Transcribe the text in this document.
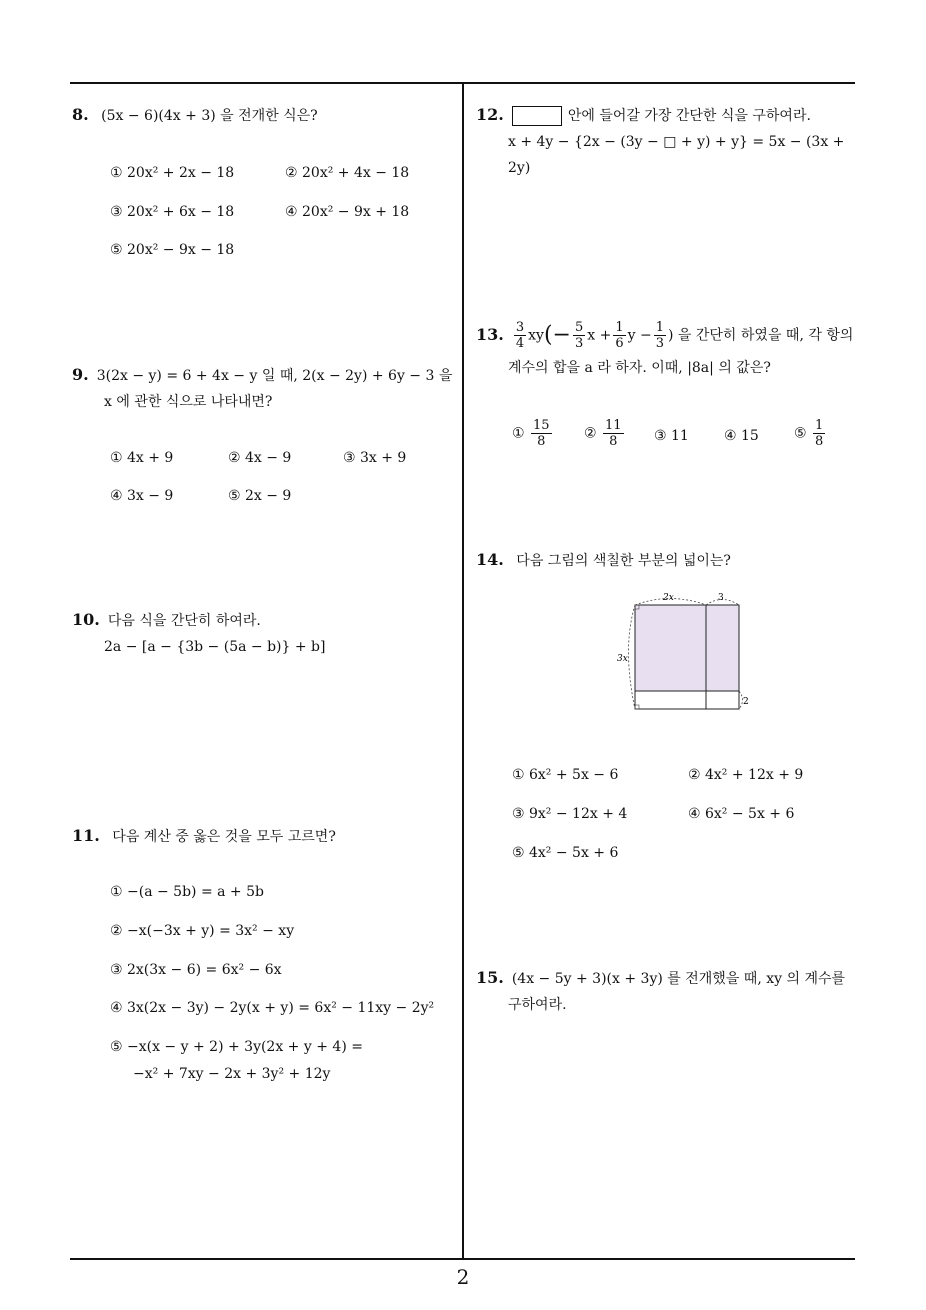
8. (5x − 6)(4x + 3) 을 전개한 식은?
① 20x² + 2x − 18	② 20x² + 4x − 18
③ 20x² + 6x − 18	④ 20x² − 9x + 18
⑤ 20x² − 9x − 18
9. 3(2x − y) = 6 + 4x − y 일 때, 2(x − 2y) + 6y − 3 을
x 에 관한 식으로 나타내면?
① 4x + 9	② 4x − 9	③ 3x + 9
④ 3x − 9	⑤ 2x − 9
10. 다음 식을 간단히 하여라.
2a − [a − {3b − (5a − b)} + b]
11. 다음 계산 중 옳은 것을 모두 고르면?
① −(a − 5b) = a + 5b
② −x(−3x + y) = 3x² − xy
③ 2x(3x − 6) = 6x² − 6x
④ 3x(2x − 3y) − 2y(x + y) = 6x² − 11xy − 2y²
⑤ −x(x − y + 2) + 3y(2x + y + 4) =
−x² + 7xy − 2x + 3y² + 12y
12.	안에 들어갈 가장 간단한 식을 구하여라.
x + 4y − {2x − (3y − □ + y) + y} = 5x − (3x + 2y)
13. $\frac{3}{4} xy(- \frac{5}{3}$ $x + \frac{1}{6}$ $y - \frac{1}{3}$ ) 을 간단히 하였을 때, 각 항의
계수의 합을 a 라 하자. 이때, |8a| 의 값은?
① $\frac{15}{8}$ ② $\frac{11}{8}$ ③ 11	④ 15	⑤ $\frac{1}{8}$
14. 다음 그림의 색칠한 부분의 넓이는?
2x	3
3x
2
① 6x² + 5x − 6	② 4x² + 12x + 9
③ 9x² − 12x + 4	④ 6x² − 5x + 6
⑤ 4x² − 5x + 6
15. (4x − 5y + 3)(x + 3y) 를 전개했을 때, xy 의 계수를
구하여라.
2
